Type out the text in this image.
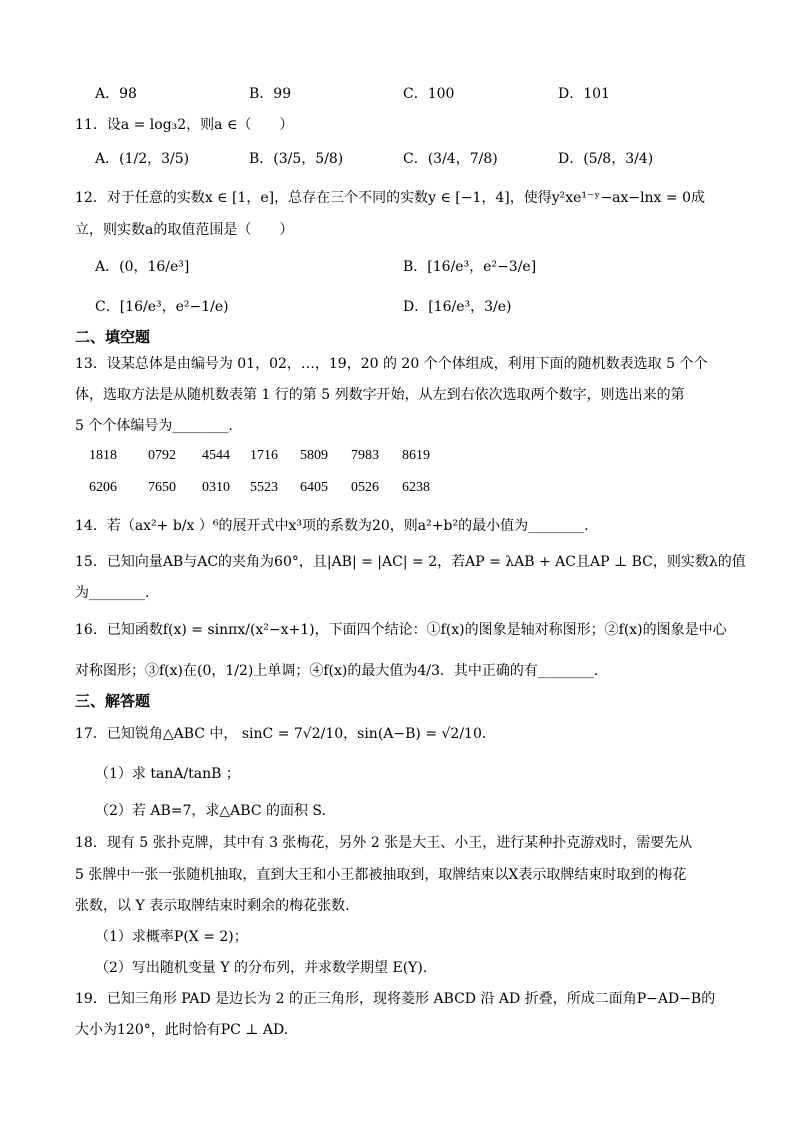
A．98	B．99	C．100	D．101
11．设a = log₃2，则a ∈（　　）
A．(1/2，3/5)	B．(3/5，5/8)	C．(3/4，7/8)	D．(5/8，3/4)
12．对于任意的实数x ∈ [1，e]，总存在三个不同的实数y ∈ [−1，4]，使得y²xe¹⁻ʸ−ax−lnx = 0成
立，则实数a的取值范围是（　　）
A．(0，16/e³]	B．[16/e³，e²−3/e]
C．[16/e³，e²−1/e)	D．[16/e³，3/e)
二、填空题
13．设某总体是由编号为 01，02，…，19，20 的 20 个个体组成，利用下面的随机数表选取 5 个个
体，选取方法是从随机数表第 1 行的第 5 列数字开始，从左到右依次选取两个数字，则选出来的第
5 个个体编号为________.
1818 0792 4544 1716 5809 7983 8619
6206 7650 0310 5523 6405 0526 6238
14．若（ax²+ b/x ）⁶的展开式中x³项的系数为20，则a²+b²的最小值为________．
15．已知向量AB与AC的夹角为60°，且|AB| = |AC| = 2，若AP = λAB + AC且AP ⊥ BC，则实数λ的值
为________.
16．已知函数f(x) = sinπx/(x²−x+1)，下面四个结论：①f(x)的图象是轴对称图形；②f(x)的图象是中心
对称图形；③f(x)在(0，1/2)上单调；④f(x)的最大值为4/3．其中正确的有________．
三、解答题
17．已知锐角△ABC 中， sinC = 7√2/10，sin(A−B) = √2/10.
（1）求 tanA/tanB ；
（2）若 AB=7，求△ABC 的面积 S.
18．现有 5 张扑克牌，其中有 3 张梅花，另外 2 张是大王、小王，进行某种扑克游戏时，需要先从
5 张牌中一张一张随机抽取，直到大王和小王都被抽取到，取牌结束以X表示取牌结束时取到的梅花
张数，以 Y 表示取牌结束时剩余的梅花张数.
（1）求概率P(X = 2)；
（2）写出随机变量 Y 的分布列，并求数学期望 E(Y).
19．已知三角形 PAD 是边长为 2 的正三角形，现将菱形 ABCD 沿 AD 折叠，所成二面角P−AD−B的
大小为120°，此时恰有PC ⊥ AD.
